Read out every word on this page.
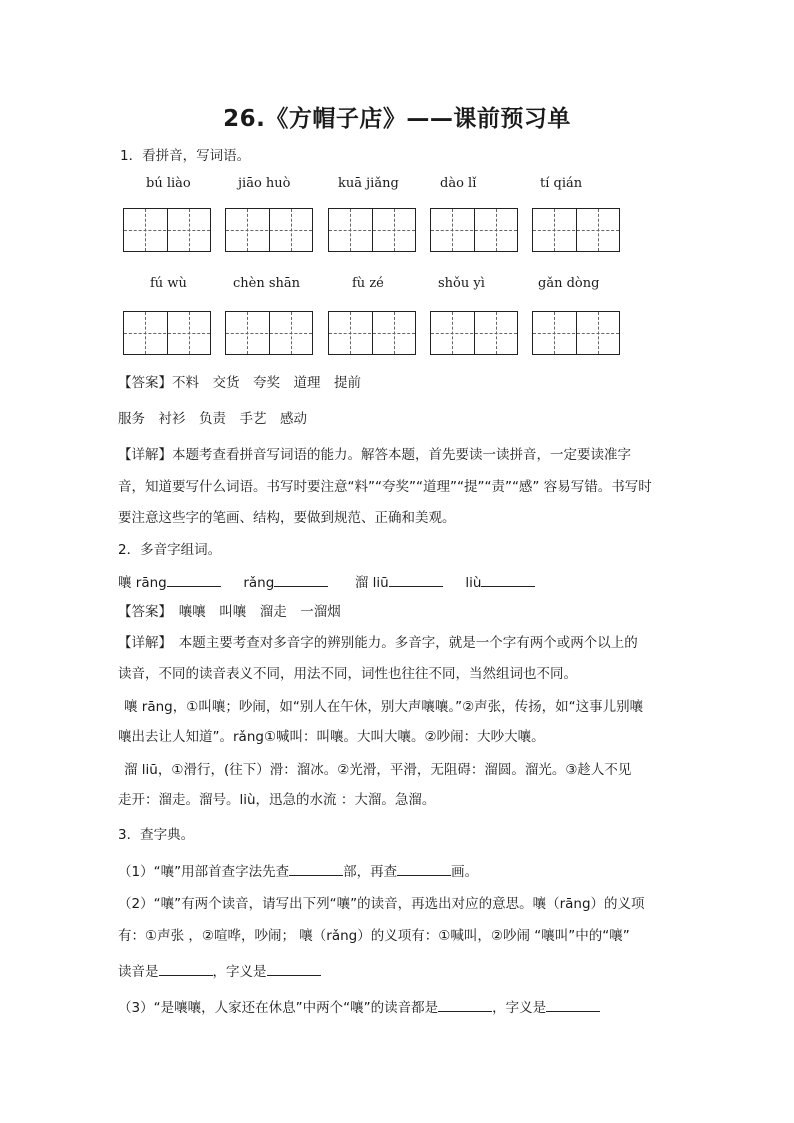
26.《方帽子店》——课前预习单
1．看拼音，写词语。
bú liào	jiāo huò	kuā jiǎng	dào lǐ	tí qián
fú wù	chèn shān	fù zé	shǒu yì	gǎn dòng
【答案】不料　交货　夸奖　道理　提前
服务　衬衫　负责　手艺　感动
【详解】本题考查看拼音写词语的能力。解答本题，首先要读一读拼音，一定要读准字
音，知道要写什么词语。书写时要注意“料”“夸奖”“道理”“提”“责”“感” 容易写错。书写时
要注意这些字的笔画、结构，要做到规范、正确和美观。
2．多音字组词。
嚷 rāng	rǎng	溜 liū	liù
【答案】　嚷嚷　叫嚷　溜走　一溜烟
【详解】　本题主要考查对多音字的辨别能力。多音字，就是一个字有两个或两个以上的
读音，不同的读音表义不同，用法不同，词性也往往不同，当然组词也不同。
嚷 rāng，①叫嚷；吵闹，如“别人在午休，别大声嚷嚷。”②声张，传扬，如“这事儿别嚷
嚷出去让人知道”。rǎng①喊叫：叫嚷。大叫大嚷。②吵闹：大吵大嚷。
溜 liū，①滑行，(往下）滑：溜冰。②光滑，平滑，无阻碍：溜圆。溜光。③趁人不见
走开：溜走。溜号。liù，迅急的水流 ：大溜。急溜。
3．查字典。
（1）“嚷”用部首查字法先查	部，再查	画。
（2）“嚷”有两个读音，请写出下列“嚷”的读音，再选出对应的意思。嚷（rāng）的义项
有：①声张 ，②喧哗，吵闹； 嚷（rǎng）的义项有：①喊叫，②吵闹 “嚷叫”中的“嚷”
读音是	，字义是
（3）“是嚷嚷，人家还在休息”中两个“嚷”的读音都是	，字义是
